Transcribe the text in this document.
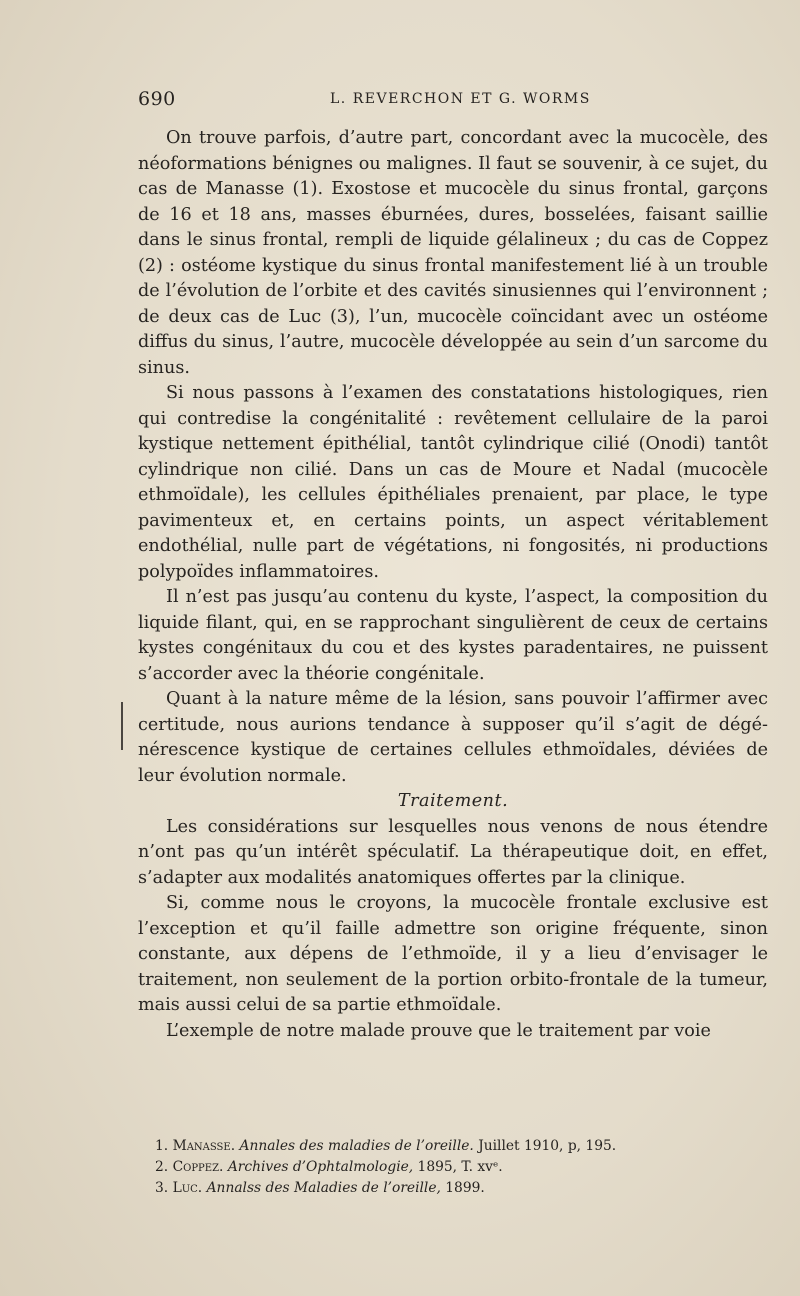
690	L. REVERCHON ET G. WORMS

On trouve parfois, d’autre part, concordant avec la mucocèle, des néoformations bénignes ou malignes. Il faut se souvenir, à ce sujet, du cas de Manasse (1). Exostose et mucocèle du sinus frontal, garçons de 16 et 18 ans, masses éburnées, dures, bosselées, faisant saillie dans le sinus frontal, rempli de liquide gélalineux ; du cas de Coppez (2) : ostéome kystique du sinus frontal manifestement lié à un trouble de l’évolution de l’orbite et des cavités sinusiennes qui l’environnent ; de deux cas de Luc (3), l’un, mucocèle coïncidant avec un ostéome diffus du sinus, l’autre, mucocèle développée au sein d’un sarcome du sinus.

Si nous passons à l’examen des constatations histologiques, rien qui contredise la congénitalité : revêtement cellulaire de la paroi kystique nettement épithélial, tantôt cylindrique cilié (Onodi) tantôt cylindrique non cilié. Dans un cas de Moure et Nadal (mucocèle ethmoïdale), les cellules épithéliales prenaient, par place, le type pavimenteux et, en certains points, un aspect véritablement endothélial, nulle part de végétations, ni fongosités, ni productions polypoïdes inflammatoires.

Il n’est pas jusqu’au contenu du kyste, l’aspect, la composition du liquide filant, qui, en se rapprochant singulièrent de ceux de certains kystes congénitaux du cou et des kystes paradentaires, ne puissent s’accorder avec la théorie congénitale.

Quant à la nature même de la lésion, sans pouvoir l’affirmer avec certitude, nous aurions tendance à supposer qu’il s’agit de dégénérescence kystique de certaines cellules ethmoïdales, déviées de leur évolution normale.

Traitement.

Les considérations sur lesquelles nous venons de nous étendre n’ont pas qu’un intérêt spéculatif. La thérapeutique doit, en effet, s’adapter aux modalités anatomiques offertes par la clinique.

Si, comme nous le croyons, la mucocèle frontale exclusive est l’exception et qu’il faille admettre son origine fréquente, sinon constante, aux dépens de l’ethmoïde, il y a lieu d’envisager le traitement, non seulement de la portion orbito-frontale de la tumeur, mais aussi celui de sa partie ethmoïdale.

L’exemple de notre malade prouve que le traitement par voie

1. Manasse. Annales des maladies de l’oreille. Juillet 1910, p, 195.

2. Coppez. Archives d’Ophtalmologie, 1895, T. xvᵉ.

3. Luc. Annalss des Maladies de l’oreille, 1899.
